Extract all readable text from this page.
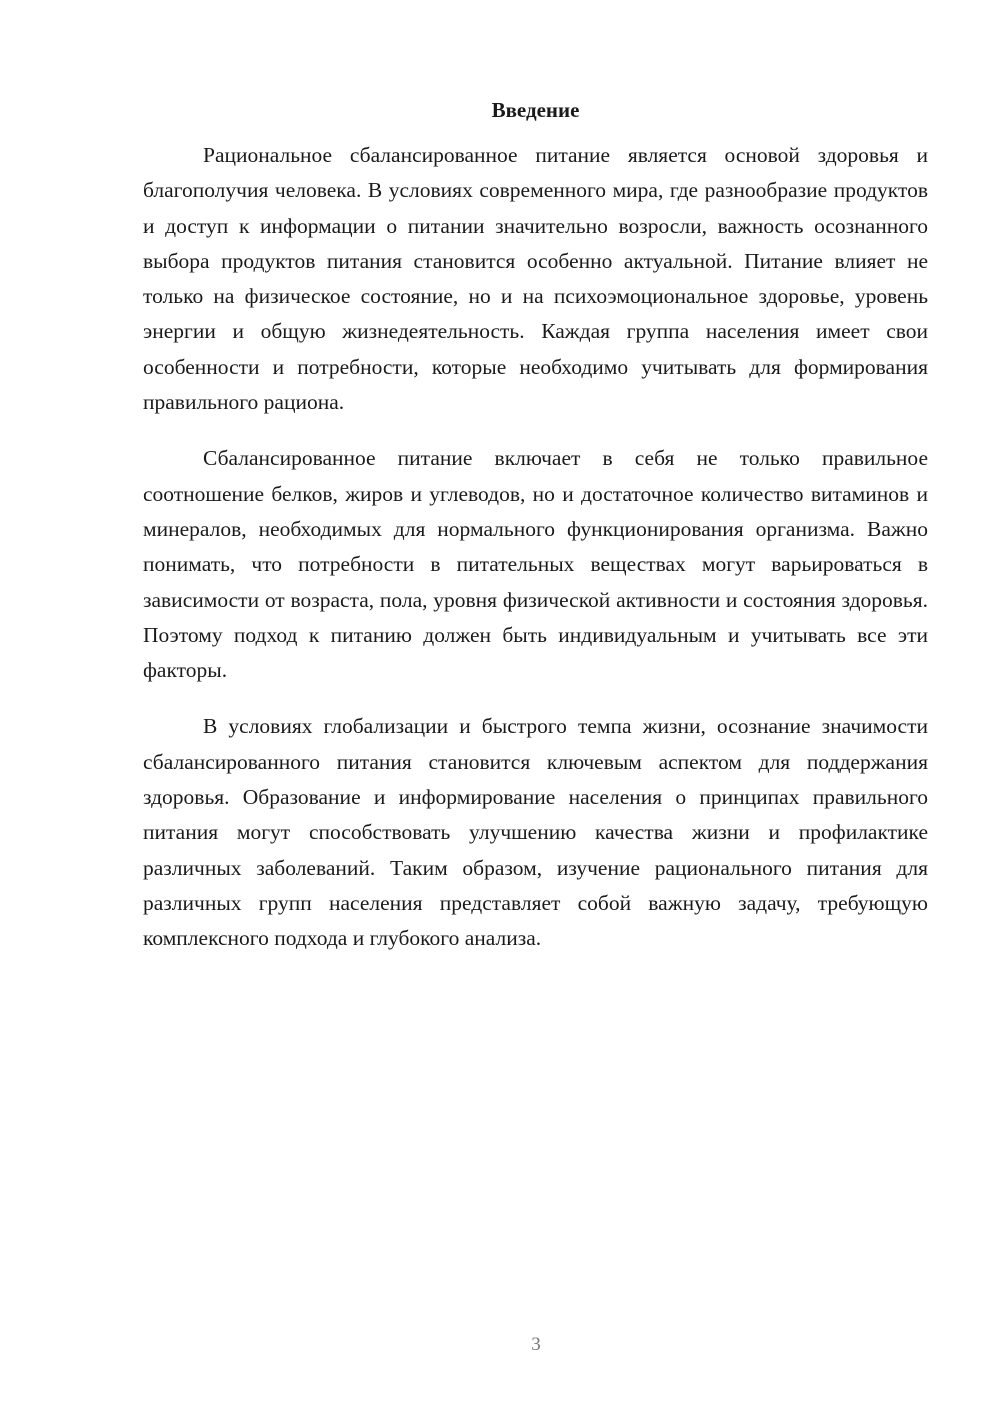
Введение

Рациональное сбалансированное питание является основой здоровья и благополучия человека. В условиях современного мира, где разнообразие продуктов и доступ к информации о питании значительно возросли, важность осознанного выбора продуктов питания становится особенно актуальной. Питание влияет не только на физическое состояние, но и на психоэмоциональное здоровье, уровень энергии и общую жизнедеятельность. Каждая группа населения имеет свои особенности и потребности, которые необходимо учитывать для формирования правильного рациона.

Сбалансированное питание включает в себя не только правильное соотношение белков, жиров и углеводов, но и достаточное количество витаминов и минералов, необходимых для нормального функционирования организма. Важно понимать, что потребности в питательных веществах могут варьироваться в зависимости от возраста, пола, уровня физической активности и состояния здоровья. Поэтому подход к питанию должен быть индивидуальным и учитывать все эти факторы.

В условиях глобализации и быстрого темпа жизни, осознание значимости сбалансированного питания становится ключевым аспектом для поддержания здоровья. Образование и информирование населения о принципах правильного питания могут способствовать улучшению качества жизни и профилактике различных заболеваний. Таким образом, изучение рационального питания для различных групп населения представляет собой важную задачу, требующую комплексного подхода и глубокого анализа.

3
